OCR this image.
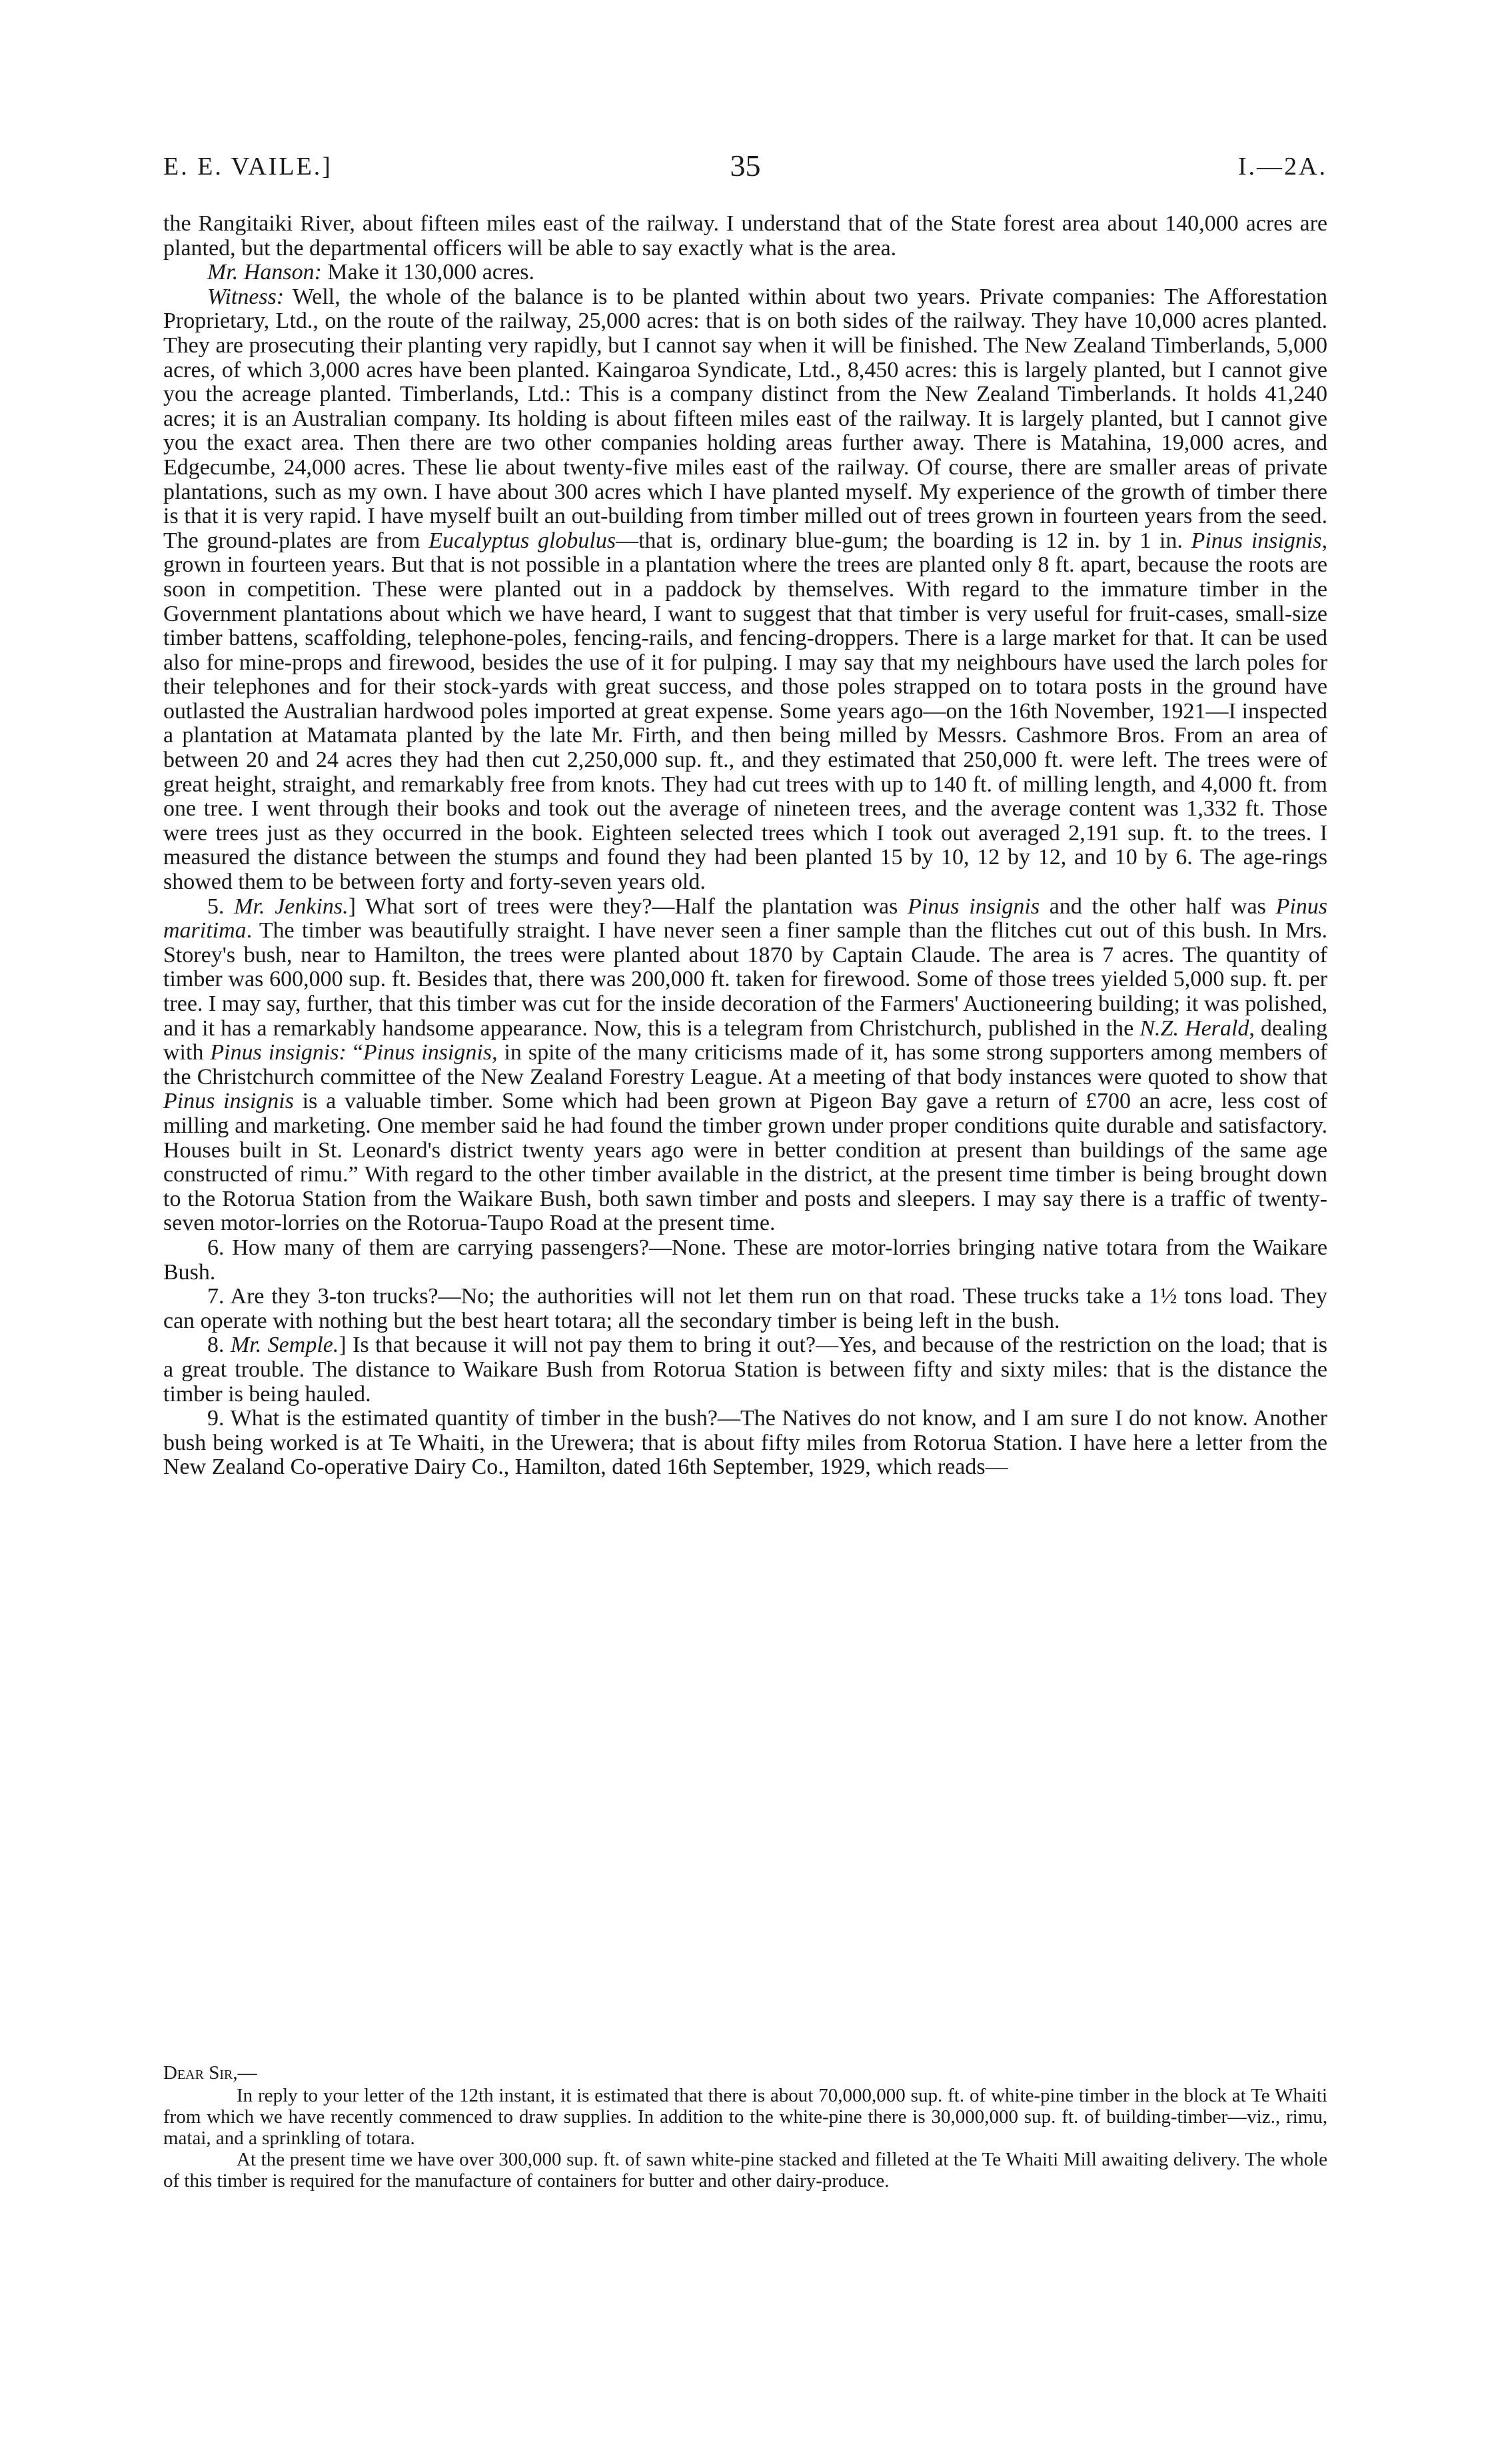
E. E. VAILE.]	35	I.—2A.

the Rangitaiki River, about fifteen miles east of the railway. I understand that of the State forest area about 140,000 acres are planted, but the departmental officers will be able to say exactly what is the area.

Mr. Hanson: Make it 130,000 acres.

Witness: Well, the whole of the balance is to be planted within about two years. Private companies: The Afforestation Proprietary, Ltd., on the route of the railway, 25,000 acres: that is on both sides of the railway. They have 10,000 acres planted. They are prosecuting their planting very rapidly, but I cannot say when it will be finished. The New Zealand Timberlands, 5,000 acres, of which 3,000 acres have been planted. Kaingaroa Syndicate, Ltd., 8,450 acres: this is largely planted, but I cannot give you the acreage planted. Timberlands, Ltd.: This is a company distinct from the New Zealand Timberlands. It holds 41,240 acres; it is an Australian company. Its holding is about fifteen miles east of the railway. It is largely planted, but I cannot give you the exact area. Then there are two other companies holding areas further away. There is Matahina, 19,000 acres, and Edgecumbe, 24,000 acres. These lie about twenty-five miles east of the railway. Of course, there are smaller areas of private plantations, such as my own. I have about 300 acres which I have planted myself. My experience of the growth of timber there is that it is very rapid. I have myself built an out-building from timber milled out of trees grown in fourteen years from the seed. The ground-plates are from Eucalyptus globulus—that is, ordinary blue-gum; the boarding is 12 in. by 1 in. Pinus insignis, grown in fourteen years. But that is not possible in a plantation where the trees are planted only 8 ft. apart, because the roots are soon in competition. These were planted out in a paddock by themselves. With regard to the immature timber in the Government plantations about which we have heard, I want to suggest that that timber is very useful for fruit-cases, small-size timber battens, scaffolding, telephone-poles, fencing-rails, and fencing-droppers. There is a large market for that. It can be used also for mine-props and firewood, besides the use of it for pulping. I may say that my neighbours have used the larch poles for their telephones and for their stock-yards with great success, and those poles strapped on to totara posts in the ground have outlasted the Australian hardwood poles imported at great expense. Some years ago—on the 16th November, 1921—I inspected a plantation at Matamata planted by the late Mr. Firth, and then being milled by Messrs. Cashmore Bros. From an area of between 20 and 24 acres they had then cut 2,250,000 sup. ft., and they estimated that 250,000 ft. were left. The trees were of great height, straight, and remarkably free from knots. They had cut trees with up to 140 ft. of milling length, and 4,000 ft. from one tree. I went through their books and took out the average of nineteen trees, and the average content was 1,332 ft. Those were trees just as they occurred in the book. Eighteen selected trees which I took out averaged 2,191 sup. ft. to the trees. I measured the distance between the stumps and found they had been planted 15 by 10, 12 by 12, and 10 by 6. The age-rings showed them to be between forty and forty-seven years old.

5. Mr. Jenkins.] What sort of trees were they?—Half the plantation was Pinus insignis and the other half was Pinus maritima. The timber was beautifully straight. I have never seen a finer sample than the flitches cut out of this bush. In Mrs. Storey's bush, near to Hamilton, the trees were planted about 1870 by Captain Claude. The area is 7 acres. The quantity of timber was 600,000 sup. ft. Besides that, there was 200,000 ft. taken for firewood. Some of those trees yielded 5,000 sup. ft. per tree. I may say, further, that this timber was cut for the inside decoration of the Farmers' Auctioneering building; it was polished, and it has a remarkably handsome appearance. Now, this is a telegram from Christchurch, published in the N.Z. Herald, dealing with Pinus insignis: “Pinus insignis, in spite of the many criticisms made of it, has some strong supporters among members of the Christchurch committee of the New Zealand Forestry League. At a meeting of that body instances were quoted to show that Pinus insignis is a valuable timber. Some which had been grown at Pigeon Bay gave a return of £700 an acre, less cost of milling and marketing. One member said he had found the timber grown under proper conditions quite durable and satisfactory. Houses built in St. Leonard's district twenty years ago were in better condition at present than buildings of the same age constructed of rimu.” With regard to the other timber available in the district, at the present time timber is being brought down to the Rotorua Station from the Waikare Bush, both sawn timber and posts and sleepers. I may say there is a traffic of twenty-seven motor-lorries on the Rotorua-Taupo Road at the present time.

6. How many of them are carrying passengers?—None. These are motor-lorries bringing native totara from the Waikare Bush.

7. Are they 3-ton trucks?—No; the authorities will not let them run on that road. These trucks take a 1½ tons load. They can operate with nothing but the best heart totara; all the secondary timber is being left in the bush.

8. Mr. Semple.] Is that because it will not pay them to bring it out?—Yes, and because of the restriction on the load; that is a great trouble. The distance to Waikare Bush from Rotorua Station is between fifty and sixty miles: that is the distance the timber is being hauled.

9. What is the estimated quantity of timber in the bush?—The Natives do not know, and I am sure I do not know. Another bush being worked is at Te Whaiti, in the Urewera; that is about fifty miles from Rotorua Station. I have here a letter from the New Zealand Co-operative Dairy Co., Hamilton, dated 16th September, 1929, which reads—

Dear Sir,—

In reply to your letter of the 12th instant, it is estimated that there is about 70,000,000 sup. ft. of white-pine timber in the block at Te Whaiti from which we have recently commenced to draw supplies. In addition to the white-pine there is 30,000,000 sup. ft. of building-timber—viz., rimu, matai, and a sprinkling of totara.

At the present time we have over 300,000 sup. ft. of sawn white-pine stacked and filleted at the Te Whaiti Mill awaiting delivery. The whole of this timber is required for the manufacture of containers for butter and other dairy-produce.
